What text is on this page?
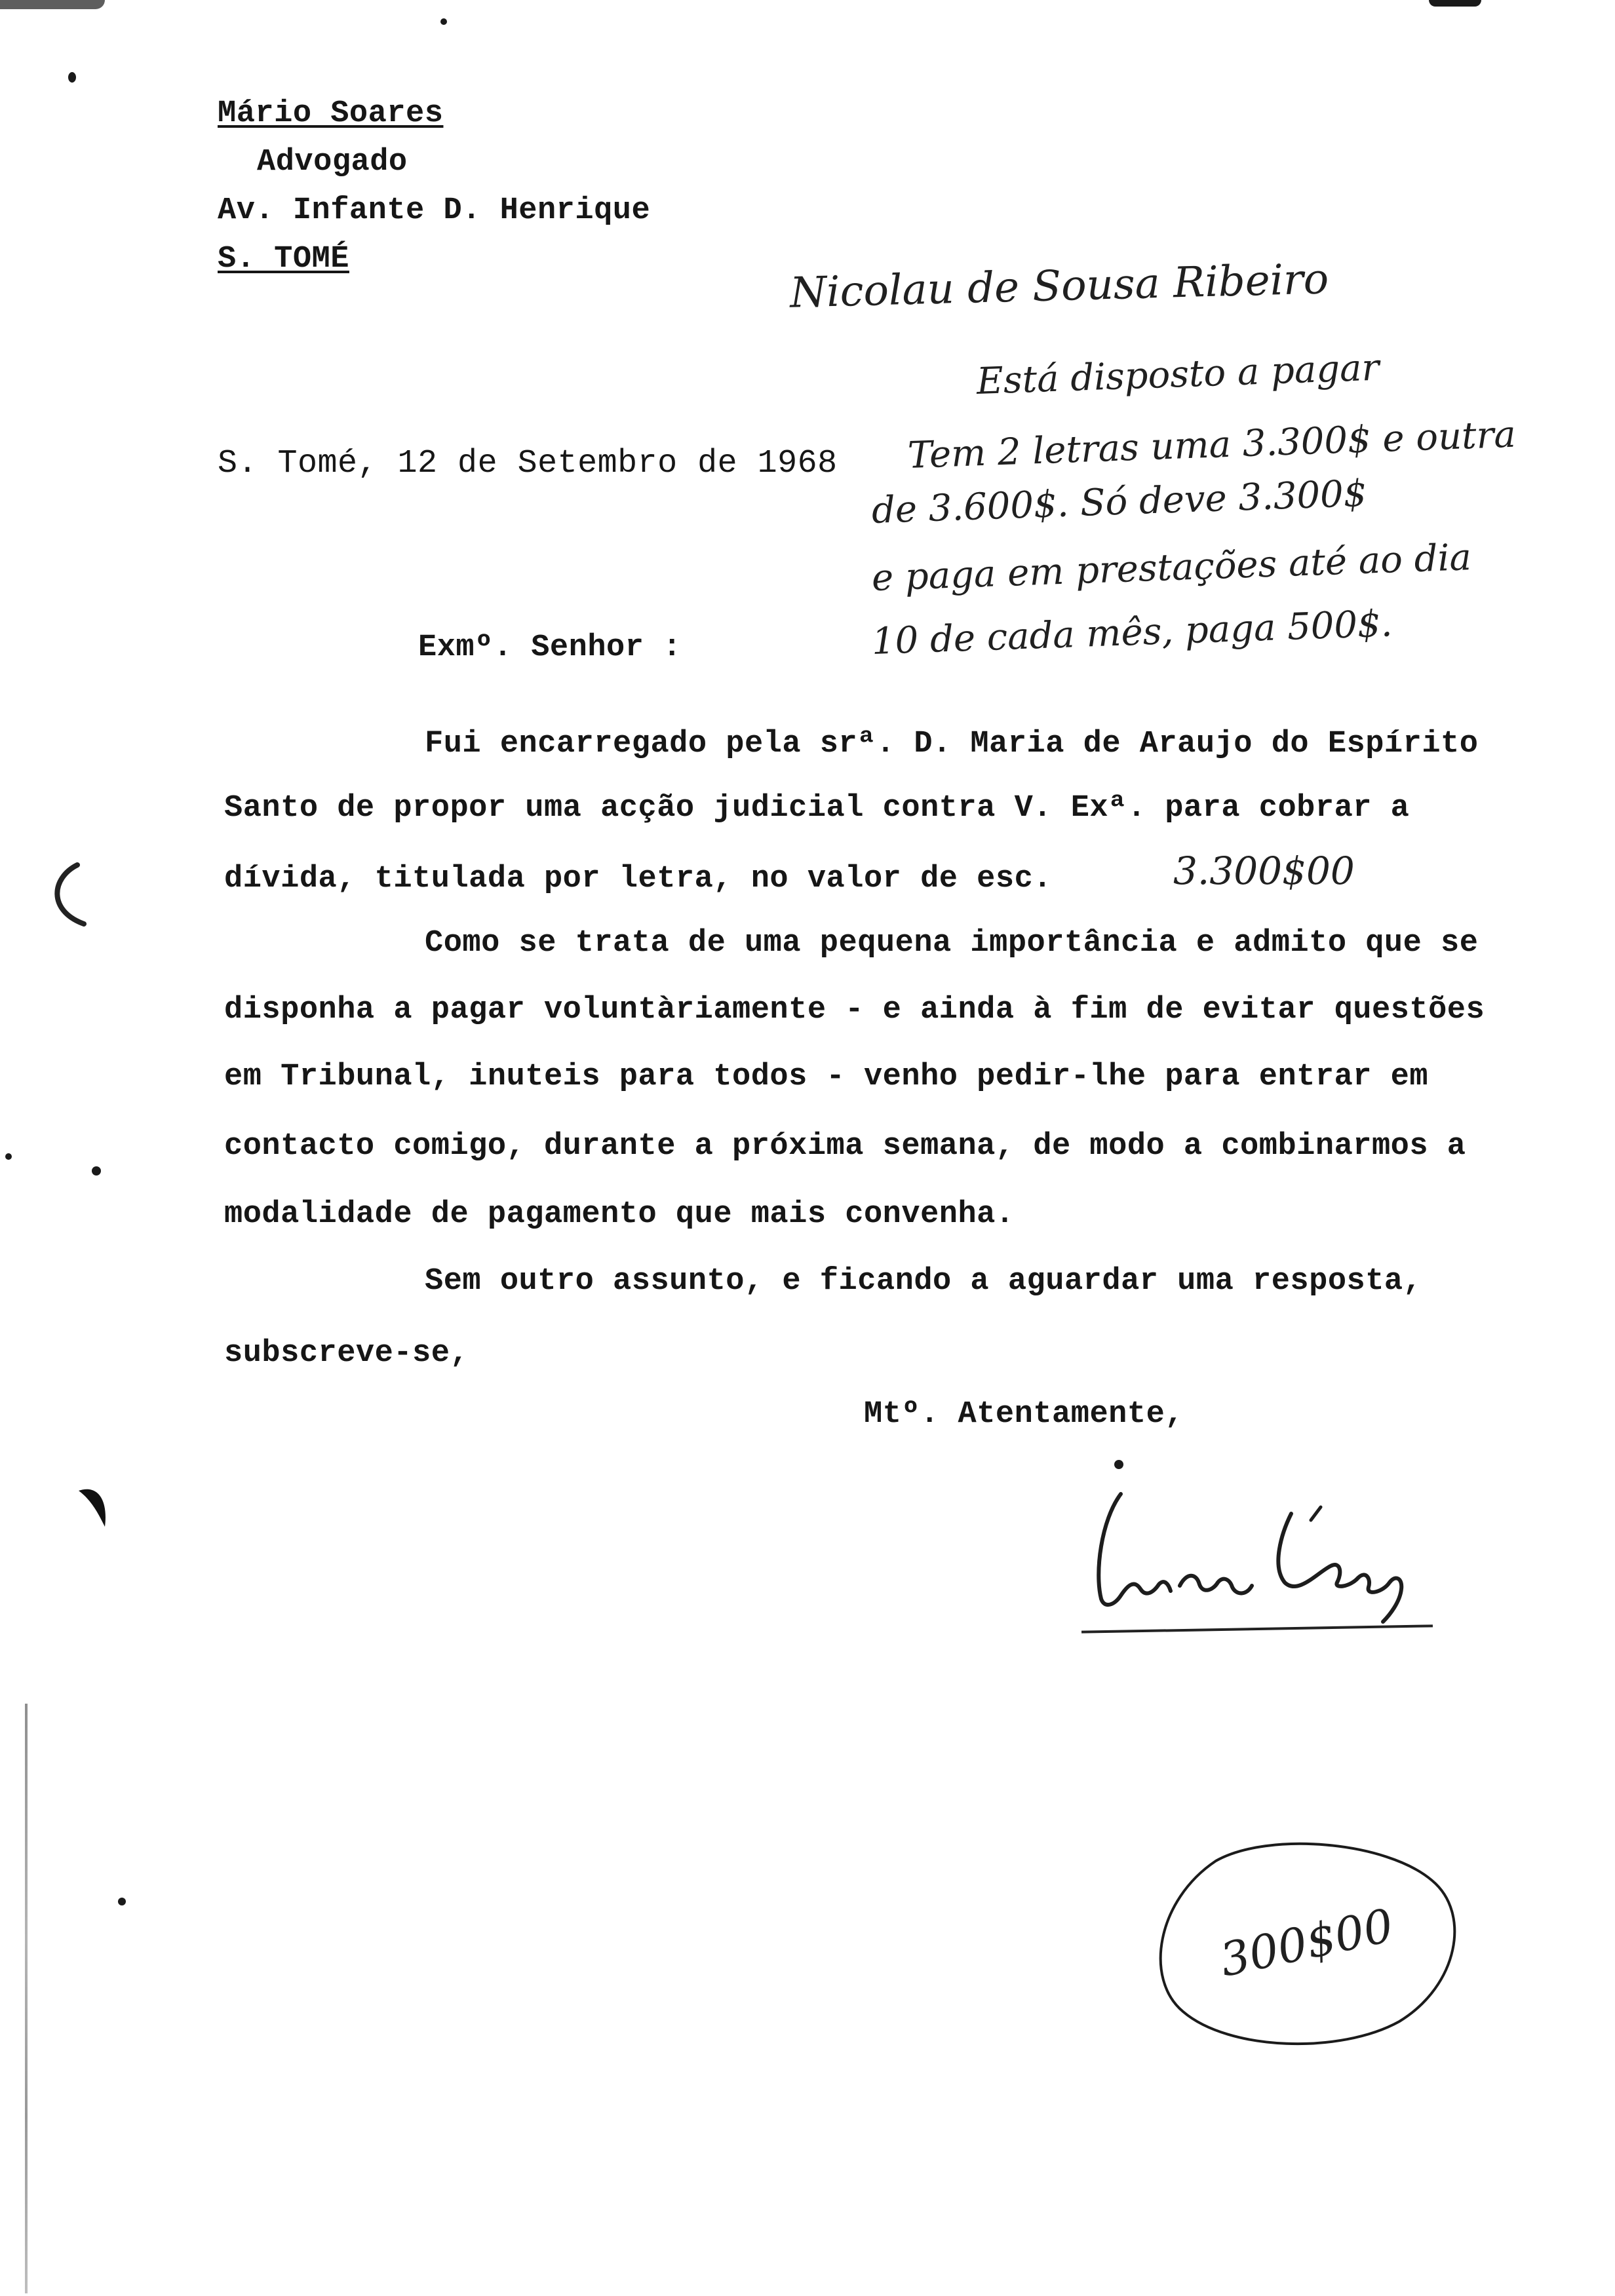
Mário Soares
Advogado
Av. Infante D. Henrique
S. TOMÉ	Nicolau de Sousa Ribeiro
S. Tomé, 12 de Setembro de 1968
Está disposto a pagar
Tem 2 letras uma 3.300$ e outra
de 3.600$. Só deve 3.300$
e paga em prestações até ao dia
10 de cada mês, paga 500$.
Exmº. Senhor :
Fui encarregado pela srª. D. Maria de Araujo do Espírito
Santo de propor uma acção judicial contra V. Exª. para cobrar a
dívida, titulada por letra, no valor de esc.	3.300$00
Como se trata de uma pequena importância e admito que se
disponha a pagar voluntàriamente - e ainda à fim de evitar questões
em Tribunal, inuteis para todos - venho pedir-lhe para entrar em
contacto comigo, durante a próxima semana, de modo a combinarmos a
modalidade de pagamento que mais convenha.
Sem outro assunto, e ficando a aguardar uma resposta,
subscreve-se,
Mtº. Atentamente,
300$00
